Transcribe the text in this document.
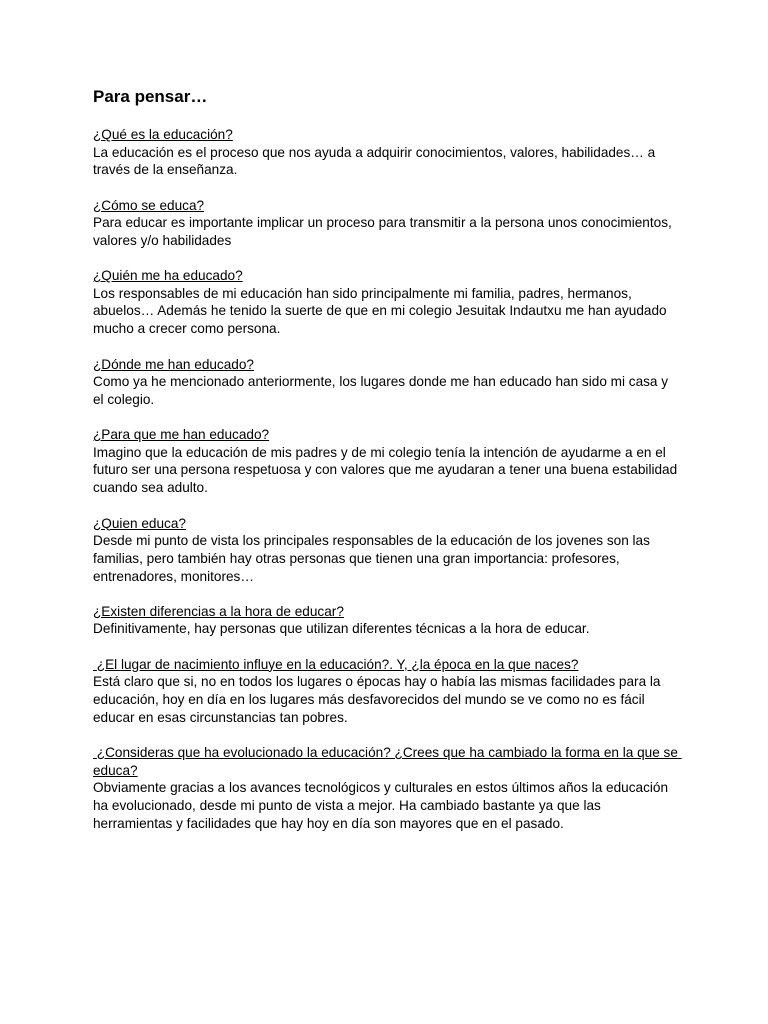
Para pensar…

¿Qué es la educación?

La educación es el proceso que nos ayuda a adquirir conocimientos, valores, habilidades… a través de la enseñanza.

¿Cómo se educa?

Para educar es importante implicar un proceso para transmitir a la persona unos conocimientos, valores y/o habilidades

¿Quién me ha educado?

Los responsables de mi educación han sido principalmente mi familia, padres, hermanos, abuelos… Además he tenido la suerte de que en mi colegio Jesuitak Indautxu me han ayudado mucho a crecer como persona.

¿Dónde me han educado?

Como ya he mencionado anteriormente, los lugares donde me han educado han sido mi casa y el colegio.

¿Para que me han educado?

Imagino que la educación de mis padres y de mi colegio tenía la intención de ayudarme a en el futuro ser una persona respetuosa y con valores que me ayudaran a tener una buena estabilidad cuando sea adulto.

¿Quien educa?

Desde mi punto de vista los principales responsables de la educación de los jovenes son las familias, pero también hay otras personas que tienen una gran importancia: profesores, entrenadores, monitores…

¿Existen diferencias a la hora de educar?

Definitivamente, hay personas que utilizan diferentes técnicas a la hora de educar.

¿El lugar de nacimiento influye en la educación?. Y, ¿la época en la que naces?

Está claro que si, no en todos los lugares o épocas hay o había las mismas facilidades para la educación, hoy en día en los lugares más desfavorecidos del mundo se ve como no es fácil educar en esas circunstancias tan pobres.

¿Consideras que ha evolucionado la educación? ¿Crees que ha cambiado la forma en la que se educa?

Obviamente gracias a los avances tecnológicos y culturales en estos últimos años la educación ha evolucionado, desde mi punto de vista a mejor. Ha cambiado bastante ya que las herramientas y facilidades que hay hoy en día son mayores que en el pasado.
